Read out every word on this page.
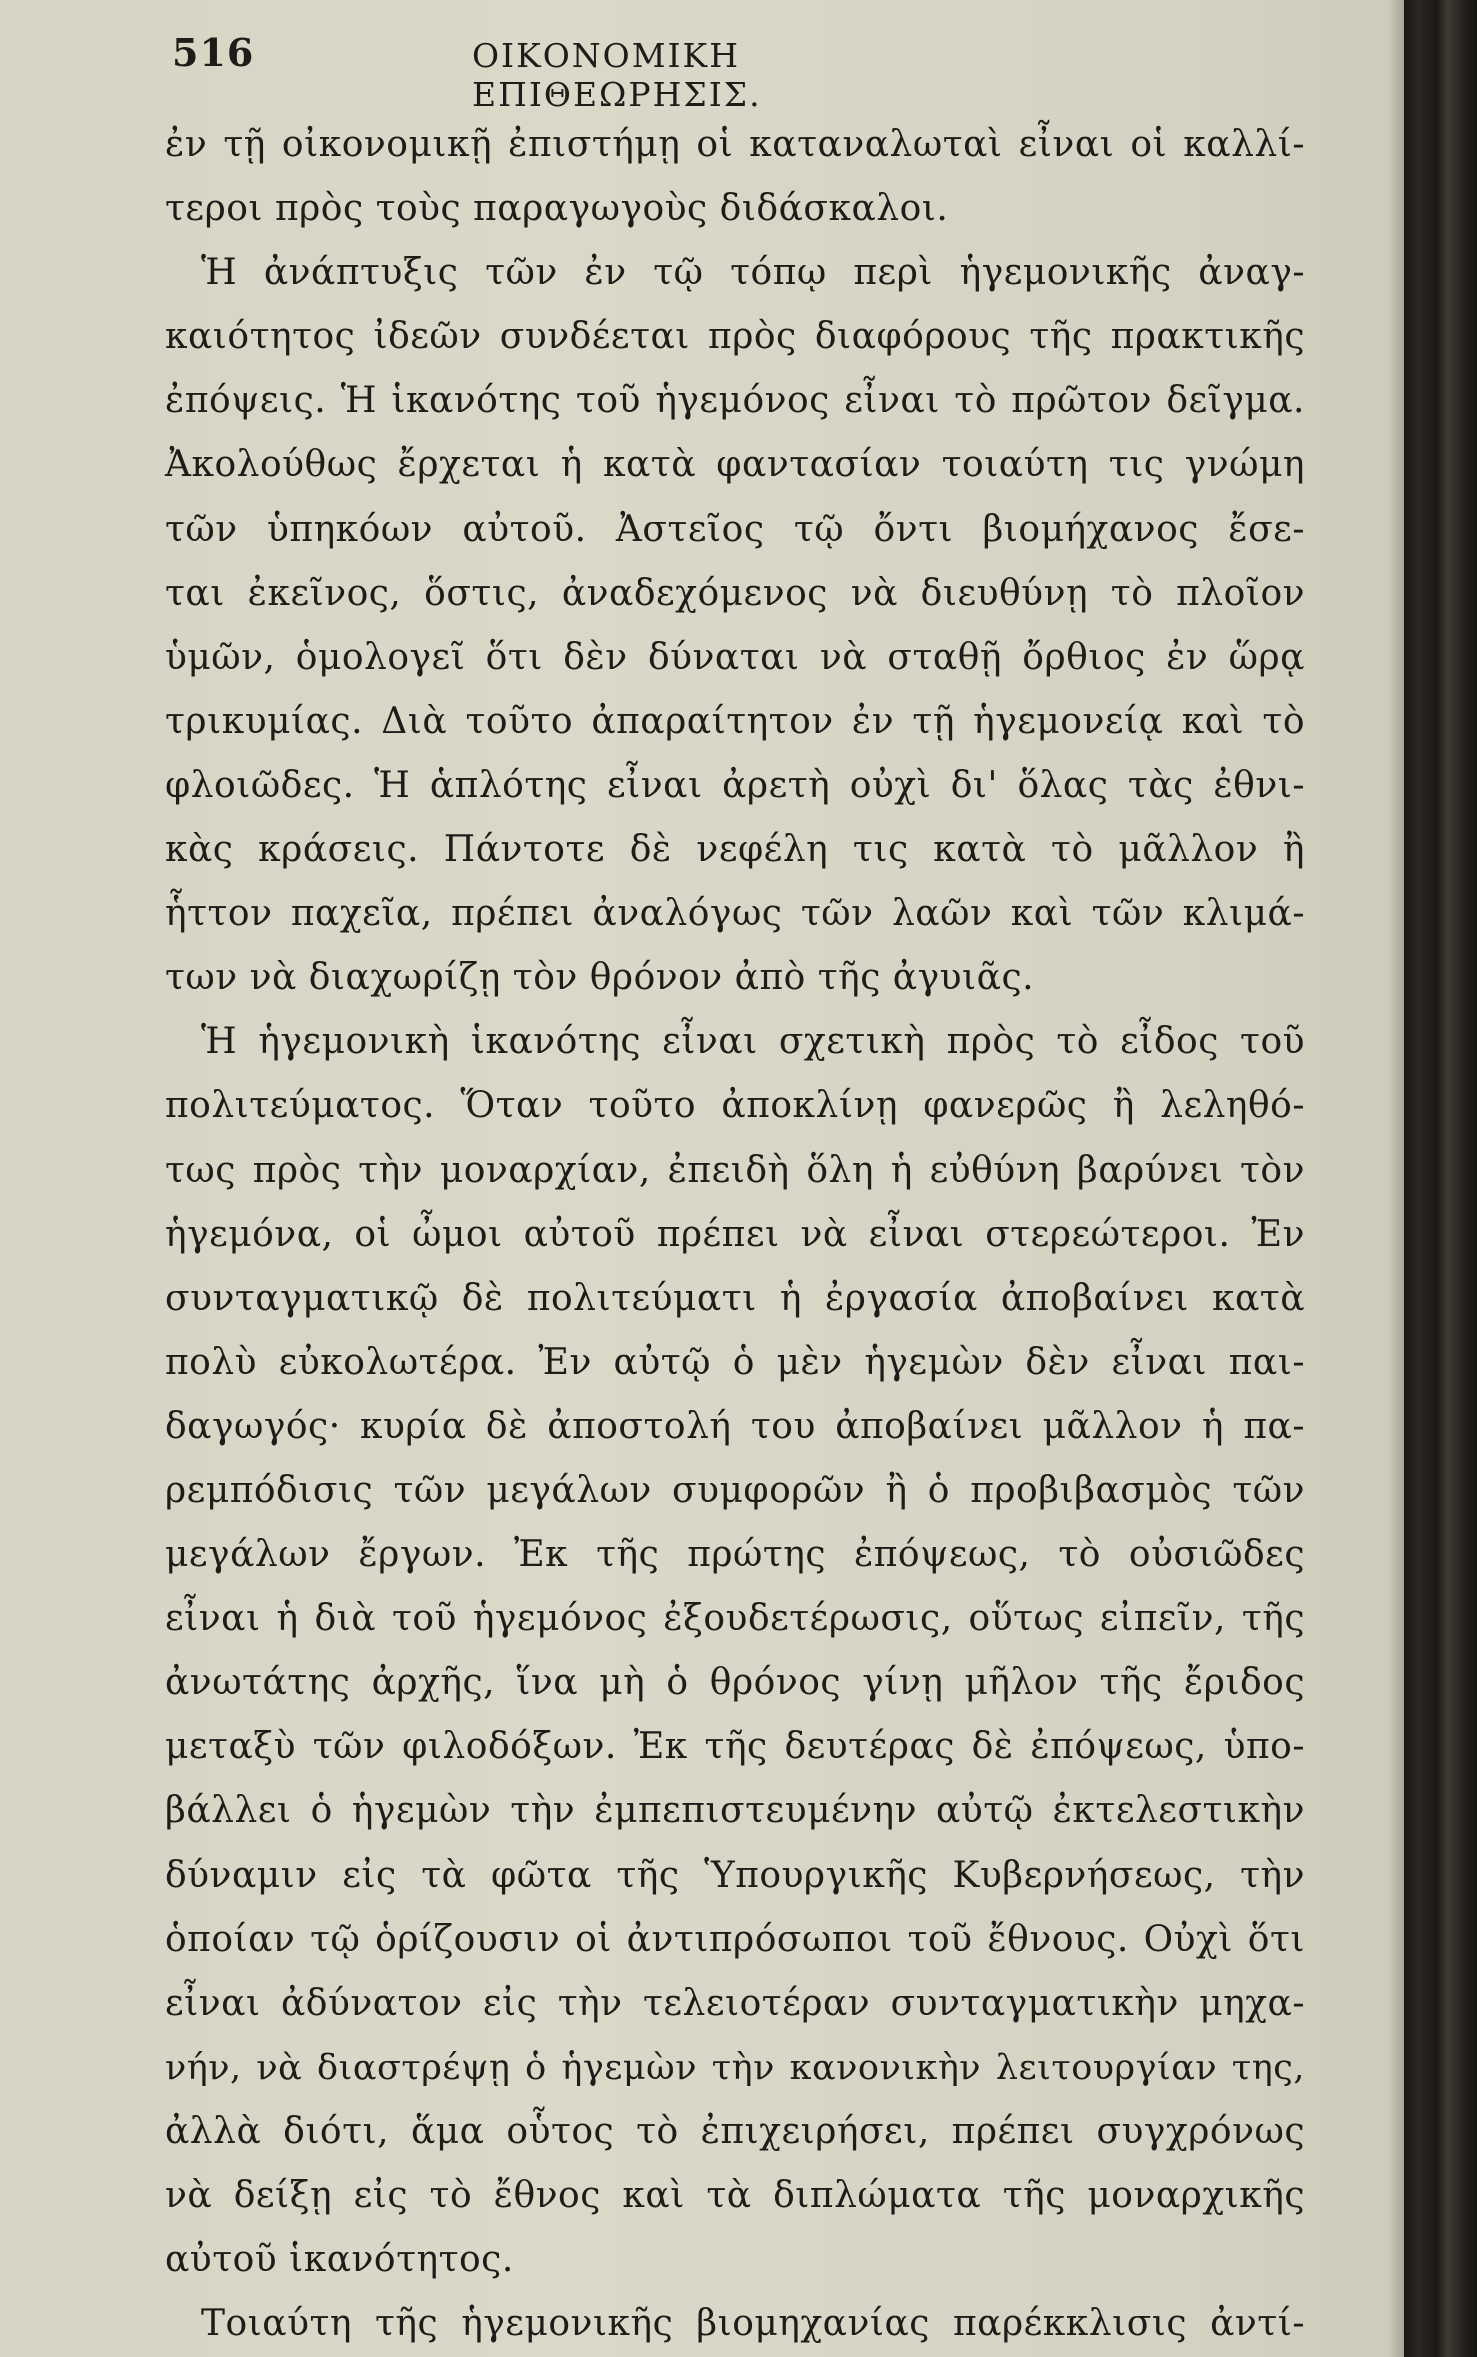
516	ΟΙΚΟΝΟΜΙΚΗ ΕΠΙΘΕΩΡΗΣΙΣ.
ἐν τῇ οἰκονομικῇ ἐπιστήμῃ οἱ καταναλωταὶ εἶναι οἱ καλλί-
τεροι πρὸς τοὺς παραγωγοὺς διδάσκαλοι.
Ἡ ἀνάπτυξις τῶν ἐν τῷ τόπῳ περὶ ἡγεμονικῆς ἀναγ-
καιότητος ἰδεῶν συνδέεται πρὸς διαφόρους τῆς πρακτικῆς
ἐπόψεις. Ἡ ἱκανότης τοῦ ἡγεμόνος εἶναι τὸ πρῶτον δεῖγμα.
Ἀκολούθως ἔρχεται ἡ κατὰ φαντασίαν τοιαύτη τις γνώμη
τῶν ὑπηκόων αὐτοῦ. Ἀστεῖος τῷ ὄντι βιομήχανος ἔσε-
ται ἐκεῖνος, ὅστις, ἀναδεχόμενος νὰ διευθύνῃ τὸ πλοῖον
ὑμῶν, ὁμολογεῖ ὅτι δὲν δύναται νὰ σταθῇ ὄρθιος ἐν ὥρᾳ
τρικυμίας. Διὰ τοῦτο ἀπαραίτητον ἐν τῇ ἡγεμονείᾳ καὶ τὸ
φλοιῶδες. Ἡ ἁπλότης εἶναι ἀρετὴ οὐχὶ δι' ὅλας τὰς ἐθνι-
κὰς κράσεις. Πάντοτε δὲ νεφέλη τις κατὰ τὸ μᾶλλον ἢ
ἧττον παχεῖα, πρέπει ἀναλόγως τῶν λαῶν καὶ τῶν κλιμά-
των νὰ διαχωρίζῃ τὸν θρόνον ἀπὸ τῆς ἀγυιᾶς.
Ἡ ἡγεμονικὴ ἱκανότης εἶναι σχετικὴ πρὸς τὸ εἶδος τοῦ
πολιτεύματος. Ὅταν τοῦτο ἀποκλίνῃ φανερῶς ἢ λεληθό-
τως πρὸς τὴν μοναρχίαν, ἐπειδὴ ὅλη ἡ εὐθύνη βαρύνει τὸν
ἡγεμόνα, οἱ ὦμοι αὐτοῦ πρέπει νὰ εἶναι στερεώτεροι. Ἐν
συνταγματικῷ δὲ πολιτεύματι ἡ ἐργασία ἀποβαίνει κατὰ
πολὺ εὐκολωτέρα. Ἐν αὐτῷ ὁ μὲν ἡγεμὼν δὲν εἶναι παι-
δαγωγός· κυρία δὲ ἀποστολή του ἀποβαίνει μᾶλλον ἡ πα-
ρεμπόδισις τῶν μεγάλων συμφορῶν ἢ ὁ προβιβασμὸς τῶν
μεγάλων ἔργων. Ἐκ τῆς πρώτης ἐπόψεως, τὸ οὐσιῶδες
εἶναι ἡ διὰ τοῦ ἡγεμόνος ἐξουδετέρωσις, οὕτως εἰπεῖν, τῆς
ἀνωτάτης ἀρχῆς, ἵνα μὴ ὁ θρόνος γίνῃ μῆλον τῆς ἔριδος
μεταξὺ τῶν φιλοδόξων. Ἐκ τῆς δευτέρας δὲ ἐπόψεως, ὑπο-
βάλλει ὁ ἡγεμὼν τὴν ἐμπεπιστευμένην αὐτῷ ἐκτελεστικὴν
δύναμιν εἰς τὰ φῶτα τῆς Ὑπουργικῆς Κυβερνήσεως, τὴν
ὁποίαν τῷ ὁρίζουσιν οἱ ἀντιπρόσωποι τοῦ ἔθνους. Οὐχὶ ὅτι
εἶναι ἀδύνατον εἰς τὴν τελειοτέραν συνταγματικὴν μηχα-
νήν, νὰ διαστρέψῃ ὁ ἡγεμὼν τὴν κανονικὴν λειτουργίαν της,
ἀλλὰ διότι, ἅμα οὗτος τὸ ἐπιχειρήσει, πρέπει συγχρόνως
νὰ δείξῃ εἰς τὸ ἔθνος καὶ τὰ διπλώματα τῆς μοναρχικῆς
αὐτοῦ ἱκανότητος.
Τοιαύτη τῆς ἡγεμονικῆς βιομηχανίας παρέκκλισις ἀντί-
